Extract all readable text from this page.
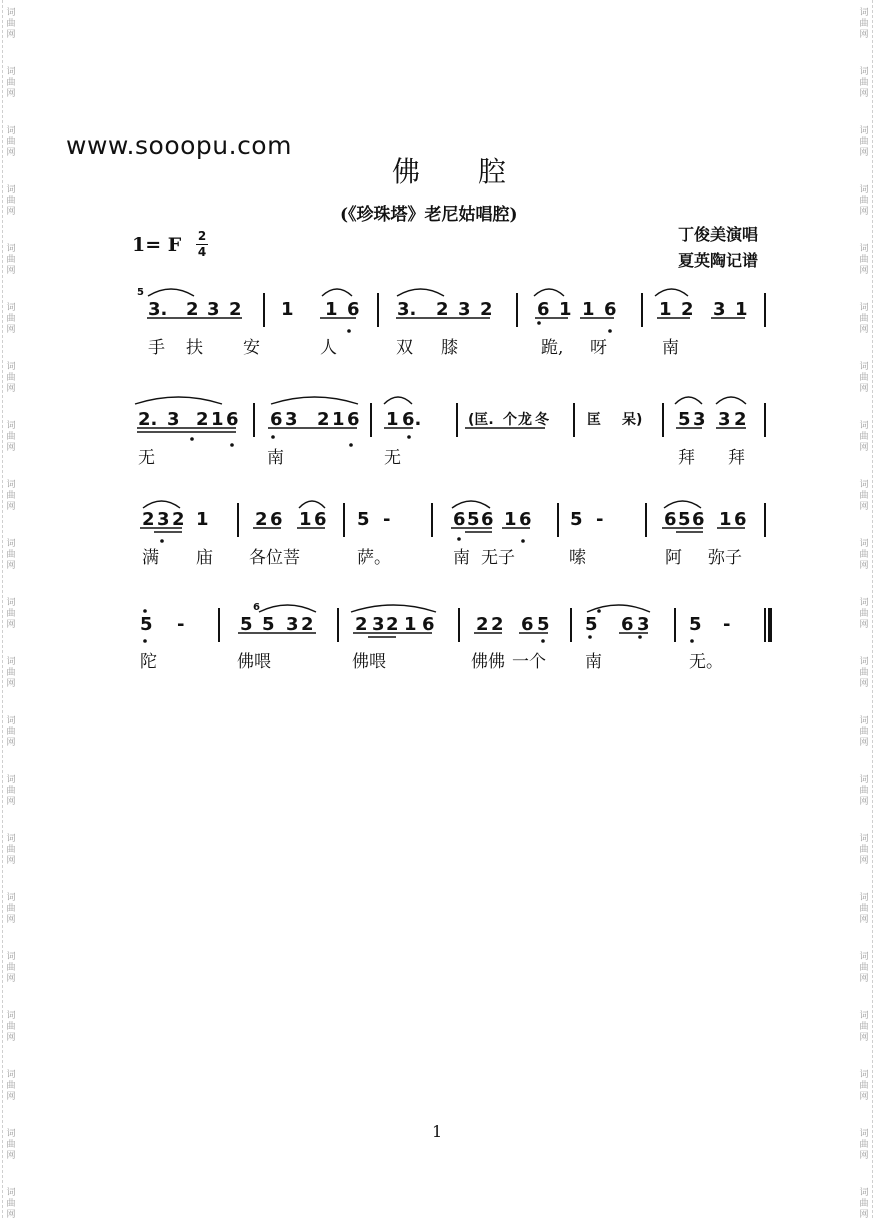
词
曲
网
词
曲
网
词
曲
网
词
曲
网
词
曲
网
词
曲
网
词
曲
网
词
曲
网
词
曲
网
词
曲
网
词
曲
网
词
曲
网
词
曲
网
词
曲
网
词
曲
网
词
曲
网
词
曲
网
词
曲
网
词
曲
网
词
曲
网
词
曲
网
词
曲
网
词
曲
网
词
曲
网
词
曲
网
词
曲
网
词
曲
网
词
曲
网
词
曲
网
词
曲
网
词
曲
网
词
曲
网
词
曲
网
词
曲
网
词
曲
网
词
曲
网
词
曲
网
词
曲
网
词
曲
网
词
曲
网
词
曲
网
词
曲
网
www.sooopu.com
佛 腔
(《珍珠塔》老尼姑唱腔)
丁俊美演唱
夏英陶记谱
1= F 2
4
3. 2 3 2 1 1 6 3. 2 3 2 6 1 1 6 1 2 3 1
手 扶 安	人	双 膝	跪, 呀	南
5
2. 3 2 1 6 6 3 2 1 6 1 6.	(匡. 个 龙 冬	匡 呆) 5 3 3 2
无	南	无	拜 拜
2 3 2 1	2 6 1 6 5 -	6 5 6 1 6 5 -	6 5 6 1 6
满 庙 各位菩	萨。	南 无子	嗦	阿 弥子
5 -	5 5 3 2 2 3 2 1 6 2 2 6 5 5 6 3 5 -
陀	佛喂	佛喂	佛佛 一个 南	无。
6
1
